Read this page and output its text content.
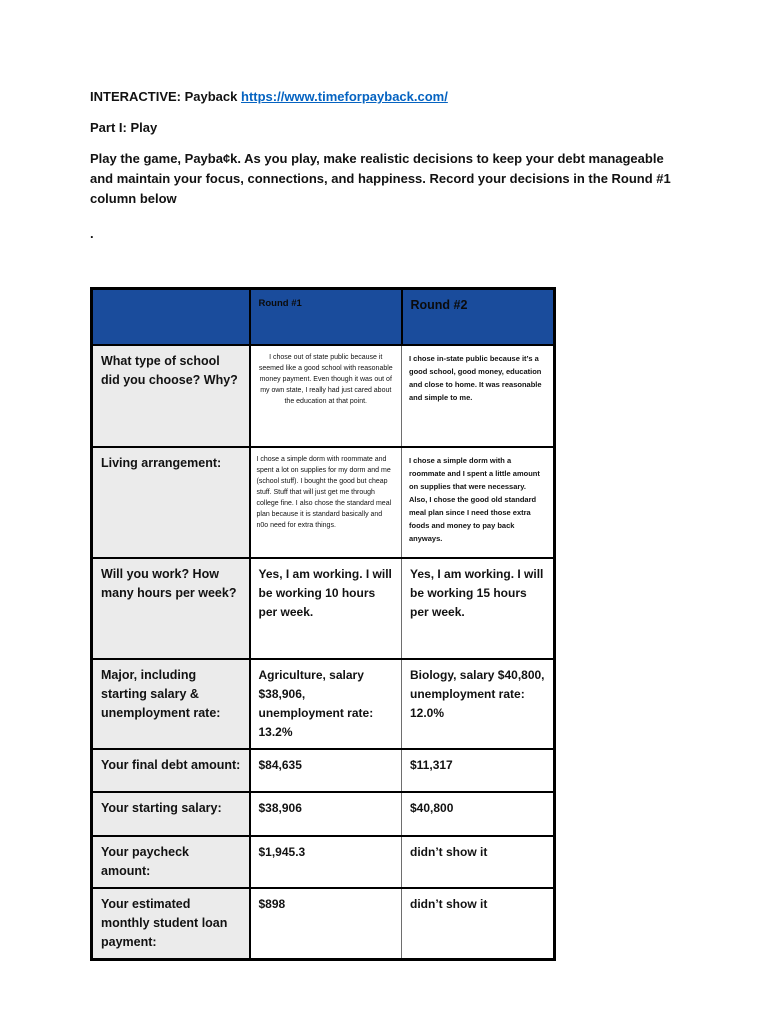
INTERACTIVE: Payback https://www.timeforpayback.com/

Part I: Play

Play the game, Payba¢k. As you play, make realistic decisions to keep your debt manageable and maintain your focus, connections, and happiness. Record your decisions in the Round #1 column below

.

	Round #1	Round #2
What type of school did you choose? Why?	I chose out of state public because it seemed like a good school with reasonable money payment. Even though it was out of my own state, I really had just cared about the education at that point.	I chose in-state public because it’s a good school, good money, education and close to home. It was reasonable and simple to me.
Living arrangement:	I chose a simple dorm with roommate and spent a lot on supplies for my dorm and me (school stuff). I bought the good but cheap stuff. Stuff that will just get me through college fine. I also chose the standard meal plan because it is standard basically and n0o need for extra things.	I chose a simple dorm with a roommate and I spent a little amount on supplies that were necessary. Also, I chose the good old standard meal plan since I need those extra foods and money to pay back anyways.
Will you work? How many hours per week?	Yes, I am working. I will be working 10 hours per week.	Yes, I am working. I will be working 15 hours per week.
Major, including starting salary & unemployment rate:	Agriculture, salary $38,906, unemployment rate: 13.2%	Biology, salary $40,800, unemployment rate: 12.0%
Your final debt amount:	$84,635	$11,317
Your starting salary:	$38,906	$40,800
Your paycheck amount:	$1,945.3	didn’t show it
Your estimated monthly student loan payment:	$898	didn’t show it
